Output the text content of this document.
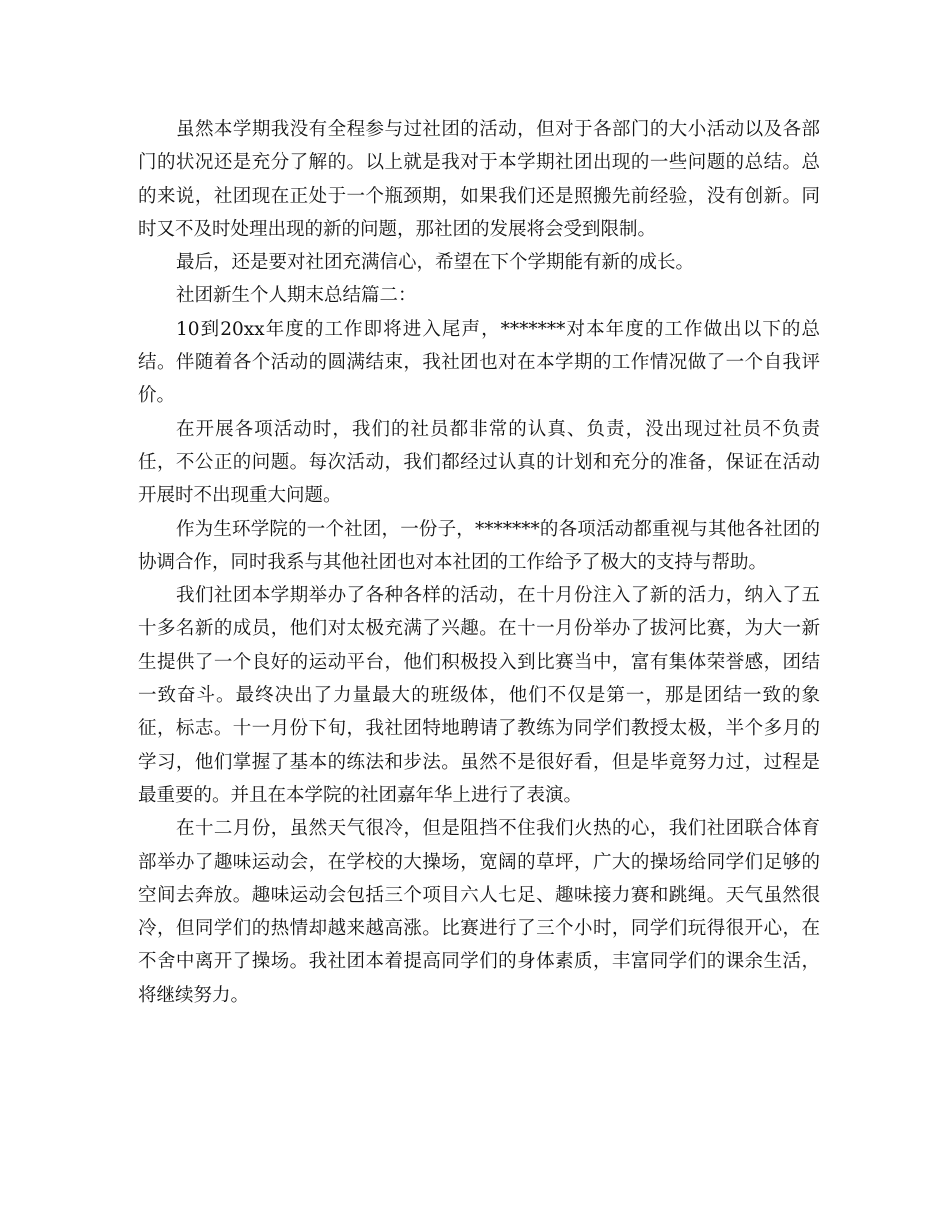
虽然本学期我没有全程参与过社团的活动，但对于各部门的大小活动以及各部门的状况还是充分了解的。以上就是我对于本学期社团出现的一些问题的总结。总的来说，社团现在正处于一个瓶颈期，如果我们还是照搬先前经验，没有创新。同时又不及时处理出现的新的问题，那社团的发展将会受到限制。

最后，还是要对社团充满信心，希望在下个学期能有新的成长。

社团新生个人期末总结篇二：

10到20xx年度的工作即将进入尾声，*******对本年度的工作做出以下的总结。伴随着各个活动的圆满结束，我社团也对在本学期的工作情况做了一个自我评价。

在开展各项活动时，我们的社员都非常的认真、负责，没出现过社员不负责任，不公正的问题。每次活动，我们都经过认真的计划和充分的准备，保证在活动开展时不出现重大问题。

作为生环学院的一个社团，一份子，*******的各项活动都重视与其他各社团的协调合作，同时我系与其他社团也对本社团的工作给予了极大的支持与帮助。

我们社团本学期举办了各种各样的活动，在十月份注入了新的活力，纳入了五十多名新的成员，他们对太极充满了兴趣。在十一月份举办了拔河比赛，为大一新生提供了一个良好的运动平台，他们积极投入到比赛当中，富有集体荣誉感，团结一致奋斗。最终决出了力量最大的班级体，他们不仅是第一，那是团结一致的象征，标志。十一月份下旬，我社团特地聘请了教练为同学们教授太极，半个多月的学习，他们掌握了基本的练法和步法。虽然不是很好看，但是毕竟努力过，过程是最重要的。并且在本学院的社团嘉年华上进行了表演。

在十二月份，虽然天气很冷，但是阻挡不住我们火热的心，我们社团联合体育部举办了趣味运动会，在学校的大操场，宽阔的草坪，广大的操场给同学们足够的空间去奔放。趣味运动会包括三个项目六人七足、趣味接力赛和跳绳。天气虽然很冷，但同学们的热情却越来越高涨。比赛进行了三个小时，同学们玩得很开心，在不舍中离开了操场。我社团本着提高同学们的身体素质，丰富同学们的课余生活，将继续努力。
